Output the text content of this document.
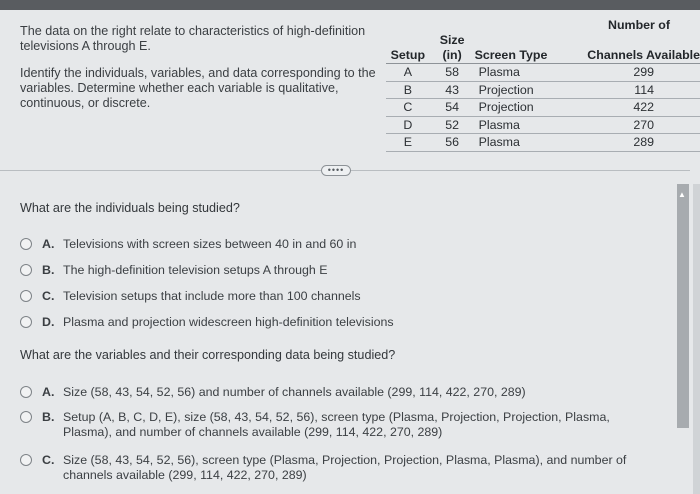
The data on the right relate to characteristics of high-definition televisions A through E.

Identify the individuals, variables, and data corresponding to the variables. Determine whether each variable is qualitative, continuous, or discrete.

			Number of
Setup	Size (in)	Screen Type	Channels Available
A	58	Plasma	299
B	43	Projection	114
C	54	Projection	422
D	52	Plasma	270
E	56	Plasma	289
••••
What are the individuals being studied?
A. Televisions with screen sizes between 40 in and 60 in
B. The high-definition television setups A through E
C. Television setups that include more than 100 channels
D. Plasma and projection widescreen high-definition televisions
What are the variables and their corresponding data being studied?
A. Size (58, 43, 54, 52, 56) and number of channels available (299, 114, 422, 270, 289)
B. Setup (A, B, C, D, E), size (58, 43, 54, 52, 56), screen type (Plasma, Projection, Projection, Plasma, Plasma), and number of channels available (299, 114, 422, 270, 289)
C. Size (58, 43, 54, 52, 56), screen type (Plasma, Projection, Projection, Plasma, Plasma), and number of channels available (299, 114, 422, 270, 289)
▲
